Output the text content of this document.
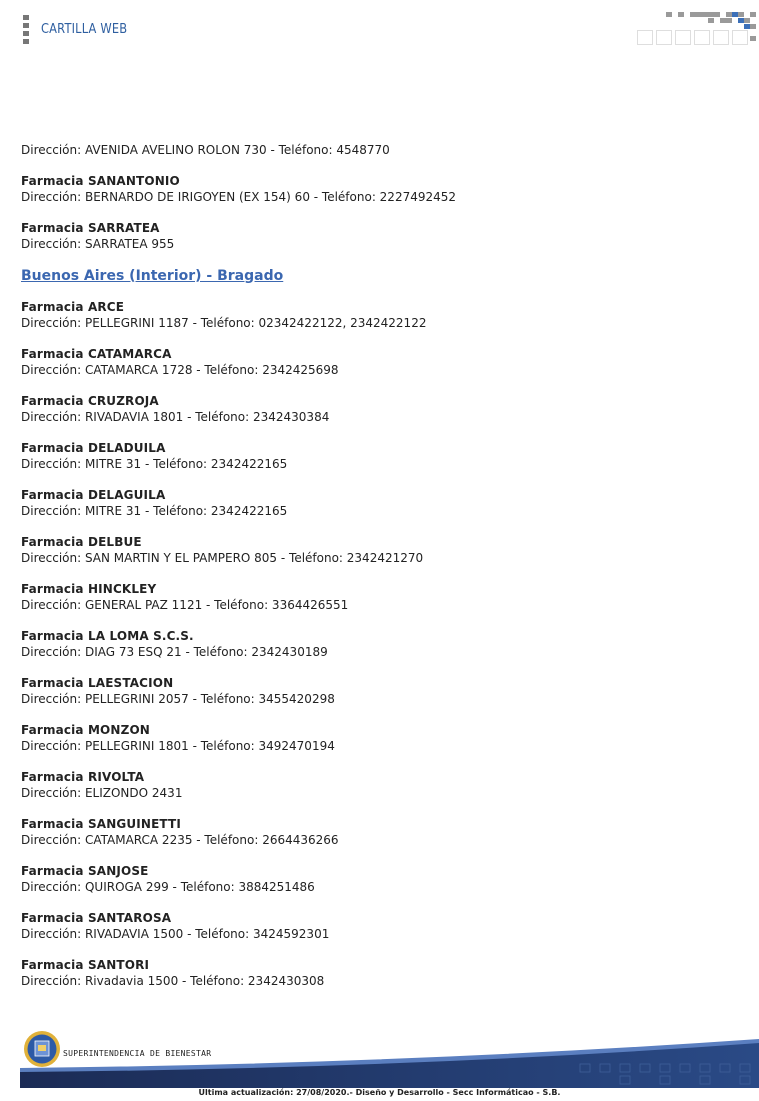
CARTILLA WEB
Dirección: AVENIDA AVELINO ROLON 730 - Teléfono: 4548770
Farmacia SANANTONIO
Dirección: BERNARDO DE IRIGOYEN (EX 154) 60 - Teléfono: 2227492452
Farmacia SARRATEA
Dirección: SARRATEA 955
Buenos Aires (Interior) - Bragado
Farmacia ARCE
Dirección: PELLEGRINI 1187 - Teléfono: 02342422122, 2342422122
Farmacia CATAMARCA
Dirección: CATAMARCA 1728 - Teléfono: 2342425698
Farmacia CRUZROJA
Dirección: RIVADAVIA 1801 - Teléfono: 2342430384
Farmacia DELADUILA
Dirección: MITRE 31 - Teléfono: 2342422165
Farmacia DELAGUILA
Dirección: MITRE 31 - Teléfono: 2342422165
Farmacia DELBUE
Dirección: SAN MARTIN Y EL PAMPERO 805 - Teléfono: 2342421270
Farmacia HINCKLEY
Dirección: GENERAL PAZ 1121 - Teléfono: 3364426551
Farmacia LA LOMA S.C.S.
Dirección: DIAG 73 ESQ 21 - Teléfono: 2342430189
Farmacia LAESTACION
Dirección: PELLEGRINI 2057 - Teléfono: 3455420298
Farmacia MONZON
Dirección: PELLEGRINI 1801 - Teléfono: 3492470194
Farmacia RIVOLTA
Dirección: ELIZONDO 2431
Farmacia SANGUINETTI
Dirección: CATAMARCA 2235 - Teléfono: 2664436266
Farmacia SANJOSE
Dirección: QUIROGA 299 - Teléfono: 3884251486
Farmacia SANTAROSA
Dirección: RIVADAVIA 1500 - Teléfono: 3424592301
Farmacia SANTORI
Dirección: Rivadavia 1500 - Teléfono: 2342430308
SUPERINTENDENCIA DE BIENESTAR
Ultima actualización: 27/08/2020.- Diseño y Desarrollo - Secc Informáticao - S.B.
